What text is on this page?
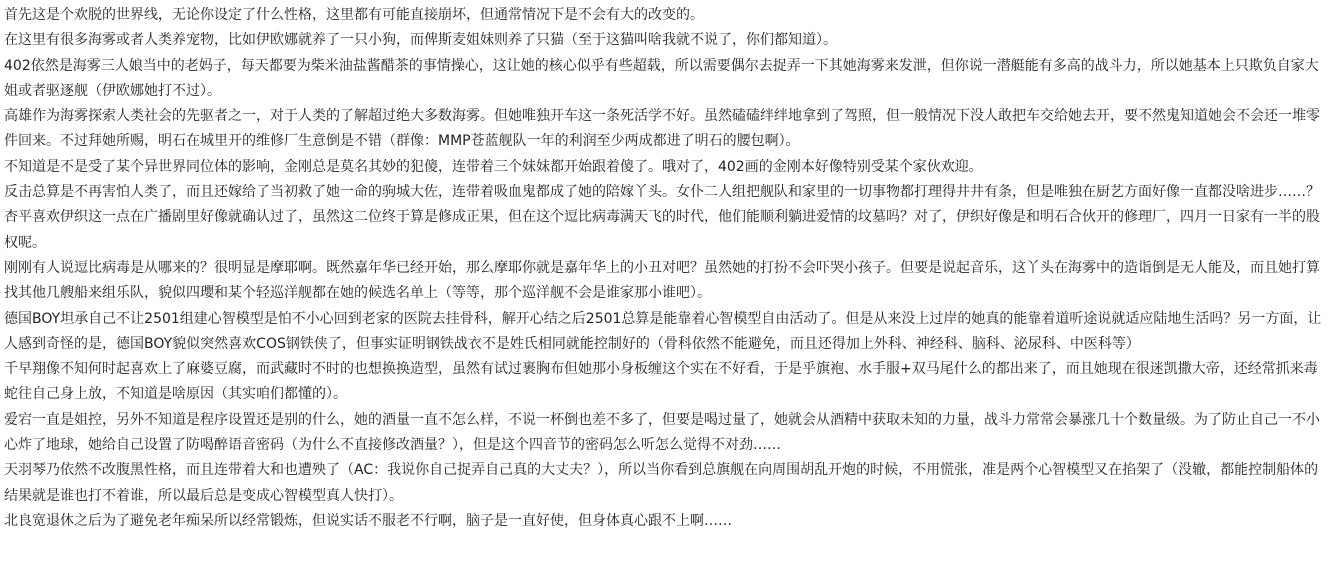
首先这是个欢脱的世界线，无论你设定了什么性格，这里都有可能直接崩坏，但通常情况下是不会有大的改变的。

在这里有很多海雾或者人类养宠物，比如伊欧娜就养了一只小狗，而俾斯麦姐妹则养了只猫（至于这猫叫啥我就不说了，你们都知道）。

402依然是海雾三人娘当中的老妈子，每天都要为柴米油盐酱醋茶的事情操心，这让她的核心似乎有些超载，所以需要偶尔去捉弄一下其她海雾来发泄，但你说一潜艇能有多高的战斗力，所以她基本上只欺负自家大姐或者驱逐舰（伊欧娜她打不过）。

高雄作为海雾探索人类社会的先驱者之一，对于人类的了解超过绝大多数海雾。但她唯独开车这一条死活学不好。虽然磕磕绊绊地拿到了驾照，但一般情况下没人敢把车交给她去开，要不然鬼知道她会不会还一堆零件回来。不过拜她所赐，明石在城里开的维修厂生意倒是不错（群像：MMP苍蓝舰队一年的利润至少两成都进了明石的腰包啊）。

不知道是不是受了某个异世界同位体的影响，金刚总是莫名其妙的犯傻，连带着三个妹妹都开始跟着傻了。哦对了，402画的金刚本好像特别受某个家伙欢迎。

反击总算是不再害怕人类了，而且还嫁给了当初救了她一命的驹城大佐，连带着吸血鬼都成了她的陪嫁丫头。女仆二人组把舰队和家里的一切事物都打理得井井有条，但是唯独在厨艺方面好像一直都没啥进步……？

杏平喜欢伊织这一点在广播剧里好像就确认过了，虽然这二位终于算是修成正果，但在这个逗比病毒满天飞的时代，他们能顺利躺进爱情的坟墓吗？对了，伊织好像是和明石合伙开的修理厂，四月一日家有一半的股权呢。

刚刚有人说逗比病毒是从哪来的？很明显是摩耶啊。既然嘉年华已经开始，那么摩耶你就是嘉年华上的小丑对吧？虽然她的打扮不会吓哭小孩子。但要是说起音乐，这丫头在海雾中的造诣倒是无人能及，而且她打算找其他几艘船来组乐队，貌似四瓔和某个轻巡洋舰都在她的候选名单上（等等，那个巡洋舰不会是谁家那小谁吧）。

德国BOY坦承自己不让2501组建心智模型是怕不小心回到老家的医院去挂骨科，解开心结之后2501总算是能靠着心智模型自由活动了。但是从来没上过岸的她真的能靠着道听途说就适应陆地生活吗？另一方面，让人感到奇怪的是，德国BOY貌似突然喜欢COS钢铁侠了，但事实证明钢铁战衣不是姓氏相同就能控制好的（骨科依然不能避免，而且还得加上外科、神经科、脑科、泌尿科、中医科等）

千早翔像不知何时起喜欢上了麻婆豆腐，而武藏时不时的也想换换造型，虽然有试过裹胸布但她那小身板缠这个实在不好看，于是乎旗袍、水手服+双马尾什么的都出来了，而且她现在很迷凯撒大帝，还经常抓来毒蛇往自己身上放，不知道是啥原因（其实咱们都懂的）。

爱宕一直是姐控，另外不知道是程序设置还是别的什么，她的酒量一直不怎么样，不说一杯倒也差不多了，但要是喝过量了，她就会从酒精中获取未知的力量，战斗力常常会暴涨几十个数量级。为了防止自己一不小心炸了地球，她给自己设置了防喝醉语音密码（为什么不直接修改酒量？），但是这个四音节的密码怎么听怎么觉得不对劲……

天羽琴乃依然不改腹黑性格，而且连带着大和也遭殃了（AC：我说你自己捉弄自己真的大丈夫？），所以当你看到总旗舰在向周围胡乱开炮的时候，不用慌张，准是两个心智模型又在掐架了（没辙，都能控制船体的结果就是谁也打不着谁，所以最后总是变成心智模型真人快打）。

北良宽退休之后为了避免老年痴呆所以经常锻炼，但说实话不服老不行啊，脑子是一直好使，但身体真心跟不上啊……
